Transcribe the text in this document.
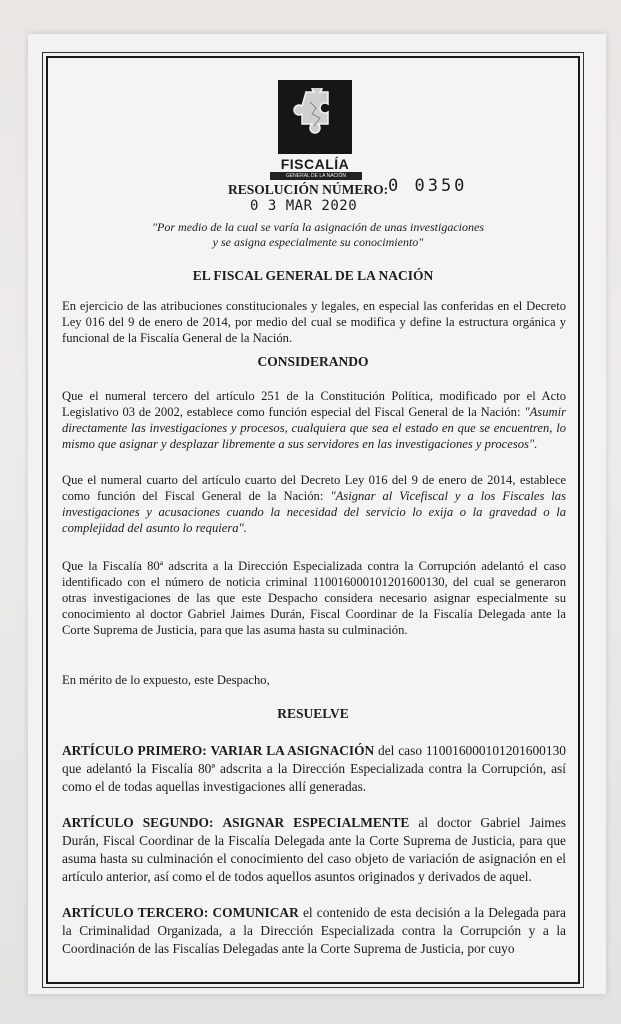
FISCALÍA
GENERAL DE LA NACIÓN
RESOLUCIÓN NÚMERO: 0 0350
0 3 MAR 2020
"Por medio de la cual se varía la asignación de unas investigaciones
y se asigna especialmente su conocimiento"
EL FISCAL GENERAL DE LA NACIÓN
En ejercicio de las atribuciones constitucionales y legales, en especial las conferidas en el Decreto Ley 016 del 9 de enero de 2014, por medio del cual se modifica y define la estructura orgánica y funcional de la Fiscalía General de la Nación.
CONSIDERANDO
Que el numeral tercero del artículo 251 de la Constitución Política, modificado por el Acto Legislativo 03 de 2002, establece como función especial del Fiscal General de la Nación: "Asumir directamente las investigaciones y procesos, cualquiera que sea el estado en que se encuentren, lo mismo que asignar y desplazar libremente a sus servidores en las investigaciones y procesos".
Que el numeral cuarto del artículo cuarto del Decreto Ley 016 del 9 de enero de 2014, establece como función del Fiscal General de la Nación: "Asignar al Vicefiscal y a los Fiscales las investigaciones y acusaciones cuando la necesidad del servicio lo exija o la gravedad o la complejidad del asunto lo requiera".
Que la Fiscalía 80ª adscrita a la Dirección Especializada contra la Corrupción adelantó el caso identificado con el número de noticia criminal 110016000101201600130, del cual se generaron otras investigaciones de las que este Despacho considera necesario asignar especialmente su conocimiento al doctor Gabriel Jaimes Durán, Fiscal Coordinar de la Fiscalía Delegada ante la Corte Suprema de Justicia, para que las asuma hasta su culminación.
En mérito de lo expuesto, este Despacho,
RESUELVE
ARTÍCULO PRIMERO: VARIAR LA ASIGNACIÓN del caso 110016000101201600130 que adelantó la Fiscalía 80ª adscrita a la Dirección Especializada contra la Corrupción, así como el de todas aquellas investigaciones allí generadas.
ARTÍCULO SEGUNDO: ASIGNAR ESPECIALMENTE al doctor Gabriel Jaimes Durán, Fiscal Coordinar de la Fiscalía Delegada ante la Corte Suprema de Justicia, para que asuma hasta su culminación el conocimiento del caso objeto de variación de asignación en el artículo anterior, así como el de todos aquellos asuntos originados y derivados de aquel.
ARTÍCULO TERCERO: COMUNICAR el contenido de esta decisión a la Delegada para la Criminalidad Organizada, a la Dirección Especializada contra la Corrupción y a la Coordinación de las Fiscalías Delegadas ante la Corte Suprema de Justicia, por cuyo
